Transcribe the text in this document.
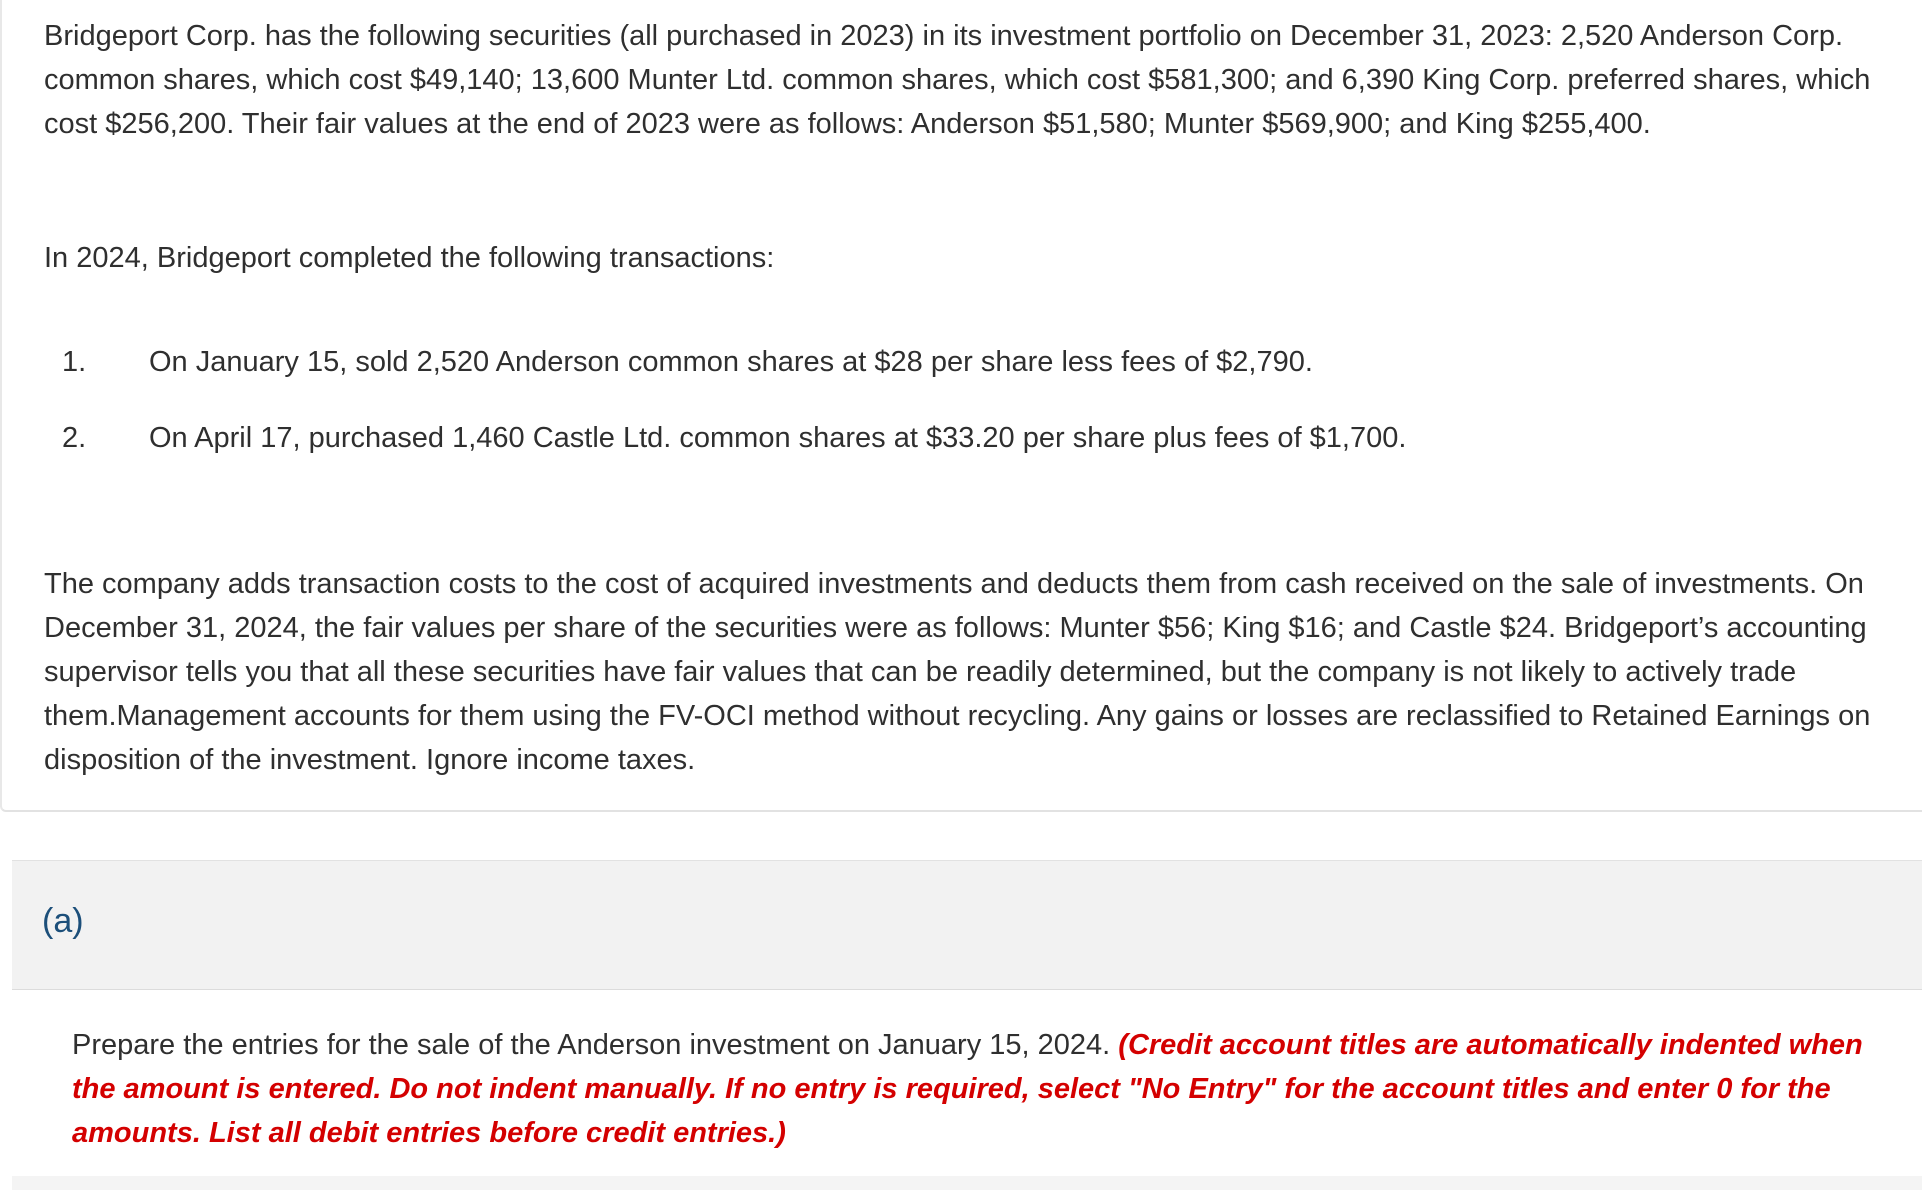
Bridgeport Corp. has the following securities (all purchased in 2023) in its investment portfolio on December 31, 2023: 2,520 Anderson Corp. common shares, which cost $49,140; 13,600 Munter Ltd. common shares, which cost $581,300; and 6,390 King Corp. preferred shares, which cost $256,200. Their fair values at the end of 2023 were as follows: Anderson $51,580; Munter $569,900; and King $255,400.

In 2024, Bridgeport completed the following transactions:

1. On January 15, sold 2,520 Anderson common shares at $28 per share less fees of $2,790.
2. On April 17, purchased 1,460 Castle Ltd. common shares at $33.20 per share plus fees of $1,700.

The company adds transaction costs to the cost of acquired investments and deducts them from cash received on the sale of investments. On December 31, 2024, the fair values per share of the securities were as follows: Munter $56; King $16; and Castle $24. Bridgeport’s accounting supervisor tells you that all these securities have fair values that can be readily determined, but the company is not likely to actively trade them.Management accounts for them using the FV-OCI method without recycling. Any gains or losses are reclassified to Retained Earnings on disposition of the investment. Ignore income taxes.

(a)

Prepare the entries for the sale of the Anderson investment on January 15, 2024. (Credit account titles are automatically indented when the amount is entered. Do not indent manually. If no entry is required, select "No Entry" for the account titles and enter 0 for the amounts. List all debit entries before credit entries.)
